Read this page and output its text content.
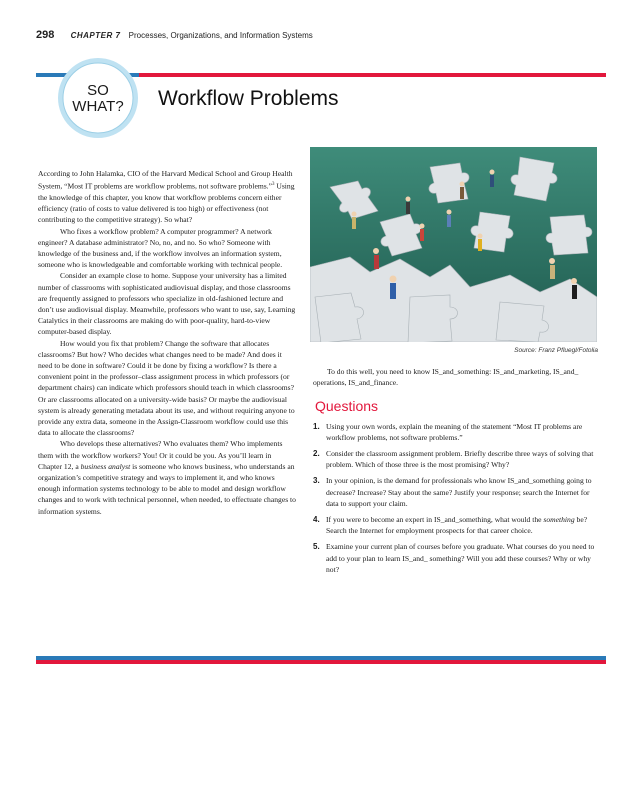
298 CHAPTER 7 Processes, Organizations, and Information Systems
SO
WHAT? Workflow Problems
Source: Franz Pfluegl/Fotolia

According to John Halamka, CIO of the Harvard Medical School and Group Health System, “Most IT problems are workflow problems, not software problems.”$^3$ Using the knowledge of this chapter, you know that workflow problems concern either efficiency (ratio of costs to value delivered is too high) or effectiveness (not contributing to the competitive strategy). So what?

Who fixes a workflow problem? A computer programmer? A network engineer? A database administrator? No, no, and no. So who? Someone with knowledge of the business and, if the workflow involves an information system, someone who is knowledgeable and comfortable working with technical people.

Consider an example close to home. Suppose your university has a limited number of classrooms with sophisticated audiovisual display, and those classrooms are frequently assigned to professors who specialize in old-fashioned lecture and don’t use audiovisual display. Meanwhile, professors who want to use, say, Learning Catalytics in their classrooms are making do with poor-quality, hard-to-view computer-based display.

How would you fix that problem? Change the software that allocates classrooms? But how? Who decides what changes need to be made? And does it need to be done in software? Could it be done by fixing a workflow? Is there a convenient point in the professor–class assignment process in which professors (or department chairs) can indicate which professors should teach in which classrooms? Or are classrooms allocated on a university-wide basis? Or maybe the audiovisual system is already generating metadata about its use, and without requiring anyone to provide any extra data, someone in the Assign-Classroom workflow could use this data to allocate the classrooms?

Who develops these alternatives? Who evaluates them? Who implements them with the workflow workers? You! Or it could be you. As you’ll learn in Chapter 12, a business analyst is someone who knows business, who understands an organization’s competitive strategy and ways to implement it, and who knows enough information systems technology to be able to model and design workflow changes and to work with technical personnel, when needed, to effectuate changes to information systems.

To do this well, you need to know IS_and_something: IS_and_marketing, IS_and_ operations, IS_and_finance.

Questions
1. Using your own words, explain the meaning of the statement “Most IT problems are workflow problems, not software problems.”
2. Consider the classroom assignment problem. Briefly describe three ways of solving that problem. Which of those three is the most promising? Why?
3. In your opinion, is the demand for professionals who know IS_and_something going to decrease? Increase? Stay about the same? Justify your response; search the Internet for data to support your claim.
4. If you were to become an expert in IS_and_something, what would the something be? Search the Internet for employment prospects for that career choice.
5. Examine your current plan of courses before you graduate. What courses do you need to add to your plan to learn IS_and_ something? Will you add these courses? Why or why not?
